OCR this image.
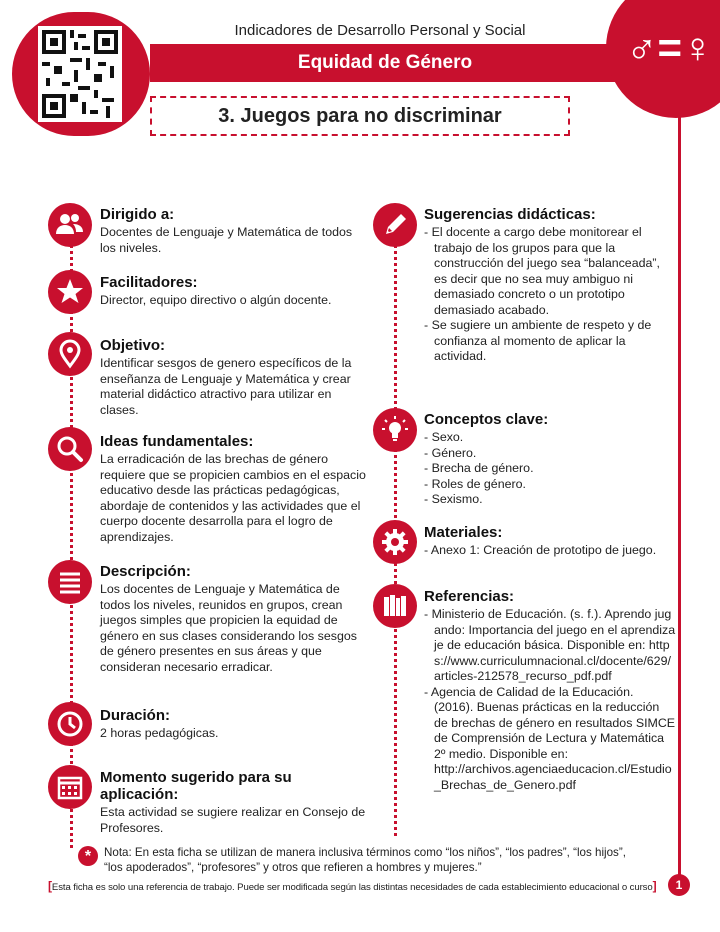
Indicadores de Desarrollo Personal y Social
Equidad de Género	♂=♀
3. Juegos para no discriminar
Dirigido a:

Docentes de Lenguaje y Matemática de todos los niveles.

Facilitadores:

Director, equipo directivo o algún docente.

Objetivo:

Identificar sesgos de genero específicos de la enseñanza de Lenguaje y Matemática y crear material didáctico atractivo para utilizar en clases.

Ideas fundamentales:

La erradicación de las brechas de género requiere que se propicien cambios en el espacio educativo desde las prácticas pedagógicas, abordaje de contenidos y las actividades que el cuerpo docente desarrolla para el logro de aprendizajes.

Descripción:

Los docentes de Lenguaje y Matemática de todos los niveles, reunidos en grupos, crean juegos simples que propicien la equidad de género en sus clases considerando los sesgos de género presentes en sus áreas y que consideran necesario erradicar.

Duración:

2 horas pedagógicas.

Momento sugerido para su aplicación:

Esta actividad se sugiere realizar en Consejo de Profesores.

Sugerencias didácticas:
- El docente a cargo debe monitorear el trabajo de los grupos para que la construcción del juego sea “balanceada”, es decir que no sea muy ambiguo ni demasiado concreto o un prototipo demasiado acabado.
- Se sugiere un ambiente de respeto y de confianza al momento de aplicar la actividad.
Conceptos clave:
- Sexo.
- Género.
- Brecha de género.
- Roles de género.
- Sexismo.
Materiales:
- Anexo 1: Creación de prototipo de juego.
Referencias:
- Ministerio de Educación. (s. f.). Aprendo jugando: Importancia del juego en el aprendizaje de educación básica. Disponible en: https://www.curriculumnacional.cl/docente/629/articles-212578_recurso_pdf.pdf
- Agencia de Calidad de la Educación. (2016). Buenas prácticas en la reducción de brechas de género en resultados SIMCE de Comprensión de Lectura y Matemática 2º medio. Disponible en: http://archivos.agenciaeducacion.cl/Estudio_Brechas_de_Genero.pdf
*	Nota: En esta ficha se utilizan de manera inclusiva términos como “los niños”, “los padres”, “los hijos”, “los apoderados”, “profesores” y otros que refieren a hombres y mujeres.”
[Esta ficha es solo una referencia de trabajo. Puede ser modificada según las distintas necesidades de cada establecimiento educacional o curso]	1
